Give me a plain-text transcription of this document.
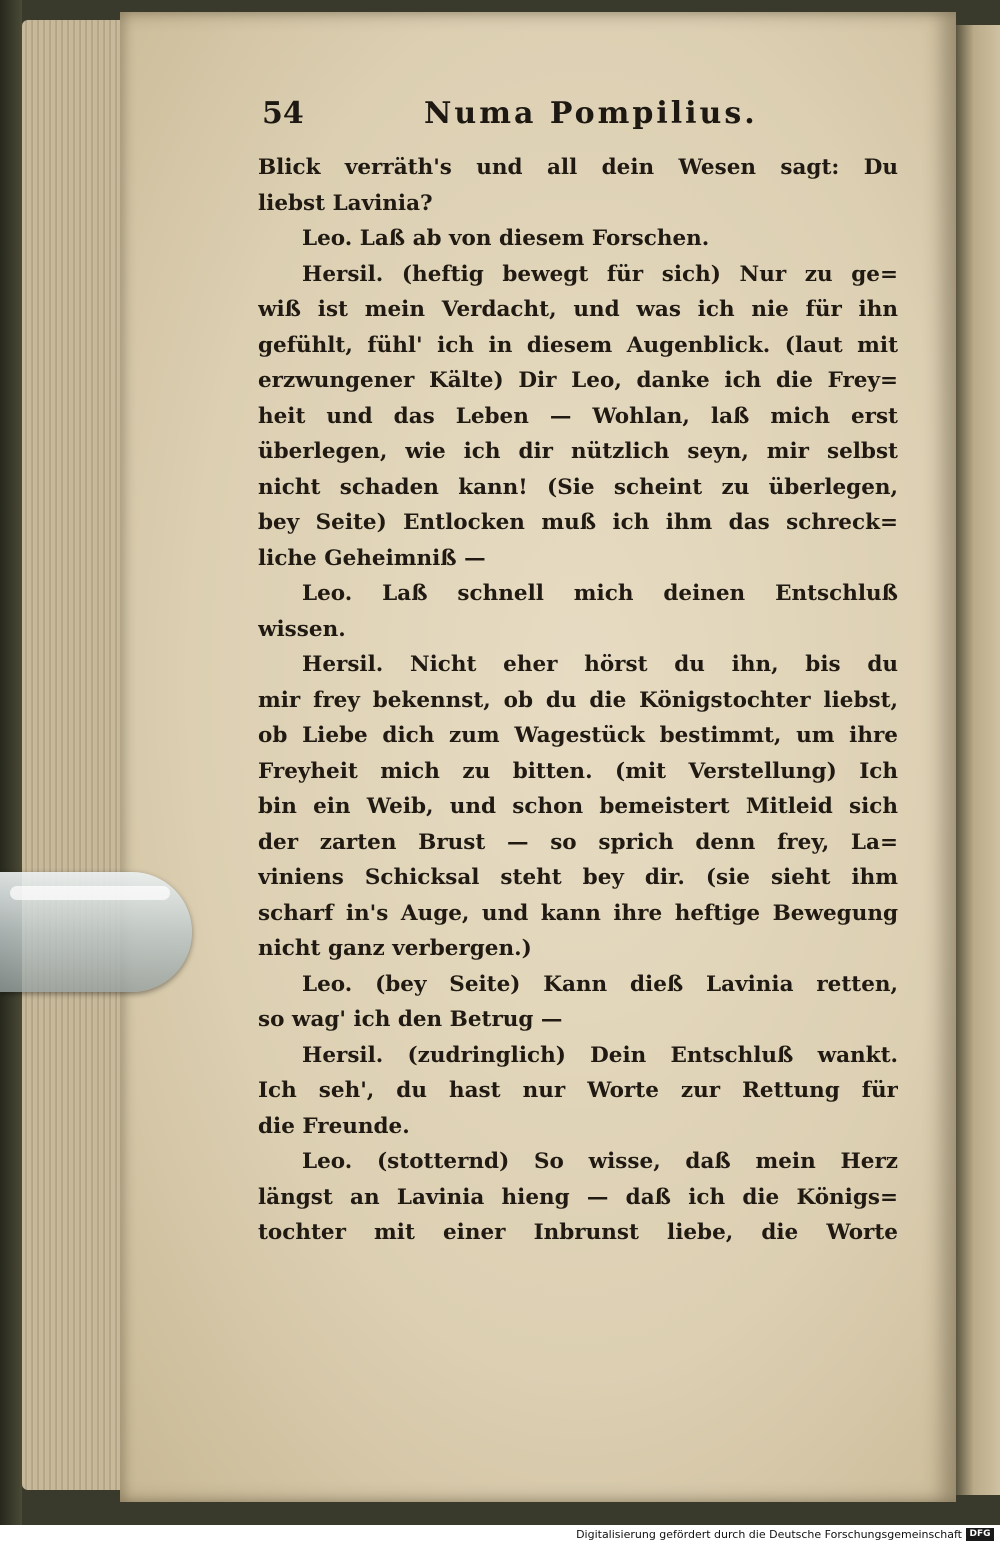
54	Numa Pompilius.
Blick verräth's und all dein Wesen sagt: Du
liebst Lavinia?
Leo. Laß ab von diesem Forschen.
Hersil. (heftig bewegt für sich) Nur zu ge=
wiß ist mein Verdacht, und was ich nie für ihn
gefühlt, fühl' ich in diesem Augenblick. (laut mit
erzwungener Kälte) Dir Leo, danke ich die Frey=
heit und das Leben — Wohlan, laß mich erst
überlegen, wie ich dir nützlich seyn, mir selbst
nicht schaden kann! (Sie scheint zu überlegen,
bey Seite) Entlocken muß ich ihm das schreck=
liche Geheimniß —
Leo. Laß schnell mich deinen Entschluß
wissen.
Hersil. Nicht eher hörst du ihn, bis du
mir frey bekennst, ob du die Königstochter liebst,
ob Liebe dich zum Wagestück bestimmt, um ihre
Freyheit mich zu bitten. (mit Verstellung) Ich
bin ein Weib, und schon bemeistert Mitleid sich
der zarten Brust — so sprich denn frey, La=
viniens Schicksal steht bey dir. (sie sieht ihm
scharf in's Auge, und kann ihre heftige Bewegung
nicht ganz verbergen.)
Leo. (bey Seite) Kann dieß Lavinia retten,
so wag' ich den Betrug —
Hersil. (zudringlich) Dein Entschluß wankt.
Ich seh', du hast nur Worte zur Rettung für
die Freunde.
Leo. (stotternd) So wisse, daß mein Herz
längst an Lavinia hieng — daß ich die Königs=
tochter mit einer Inbrunst liebe, die Worte
Digitalisierung gefördert durch die Deutsche Forschungsgemeinschaft DFG
